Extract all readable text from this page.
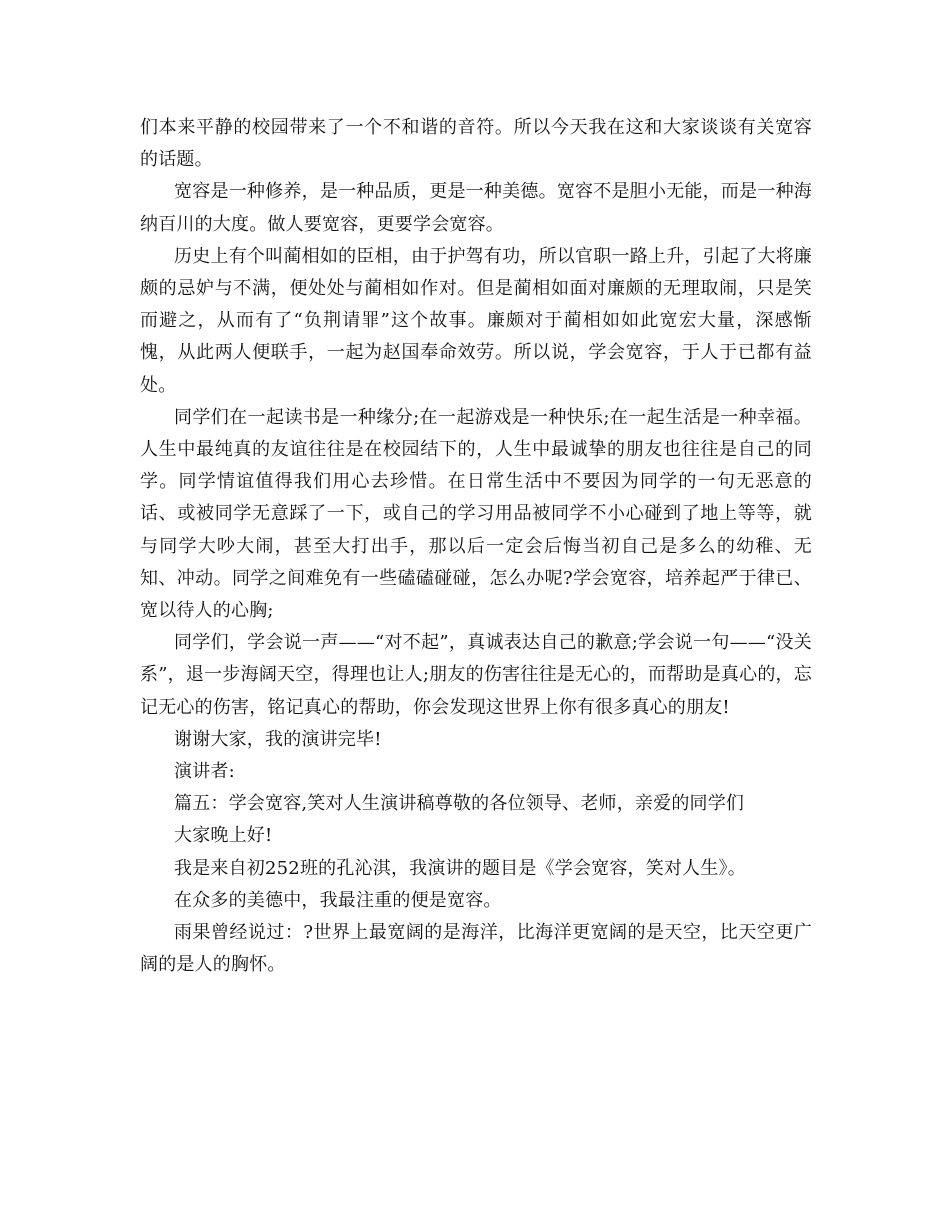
们本来平静的校园带来了一个不和谐的音符。所以今天我在这和大家谈谈有关宽容的话题。

宽容是一种修养，是一种品质，更是一种美德。宽容不是胆小无能，而是一种海纳百川的大度。做人要宽容，更要学会宽容。

历史上有个叫蔺相如的臣相，由于护驾有功，所以官职一路上升，引起了大将廉颇的忌妒与不满，便处处与蔺相如作对。但是蔺相如面对廉颇的无理取闹，只是笑而避之，从而有了“负荆请罪”这个故事。廉颇对于蔺相如如此宽宏大量，深感惭愧，从此两人便联手，一起为赵国奉命效劳。所以说，学会宽容，于人于已都有益处。

同学们在一起读书是一种缘分;在一起游戏是一种快乐;在一起生活是一种幸福。人生中最纯真的友谊往往是在校园结下的，人生中最诚挚的朋友也往往是自己的同学。同学情谊值得我们用心去珍惜。在日常生活中不要因为同学的一句无恶意的话、或被同学无意踩了一下，或自己的学习用品被同学不小心碰到了地上等等，就与同学大吵大闹，甚至大打出手，那以后一定会后悔当初自己是多么的幼稚、无知、冲动。同学之间难免有一些磕磕碰碰，怎么办呢?学会宽容，培养起严于律已、宽以待人的心胸;

同学们，学会说一声——“对不起”，真诚表达自己的歉意;学会说一句——“没关系”，退一步海阔天空，得理也让人;朋友的伤害往往是无心的，而帮助是真心的，忘记无心的伤害，铭记真心的帮助，你会发现这世界上你有很多真心的朋友!

谢谢大家，我的演讲完毕!

演讲者:

篇五：学会宽容,笑对人生演讲稿尊敬的各位领导、老师，亲爱的同学们

大家晚上好!

我是来自初252班的孔沁淇，我演讲的题目是《学会宽容，笑对人生》。

在众多的美德中，我最注重的便是宽容。

雨果曾经说过：?世界上最宽阔的是海洋，比海洋更宽阔的是天空，比天空更广阔的是人的胸怀。
